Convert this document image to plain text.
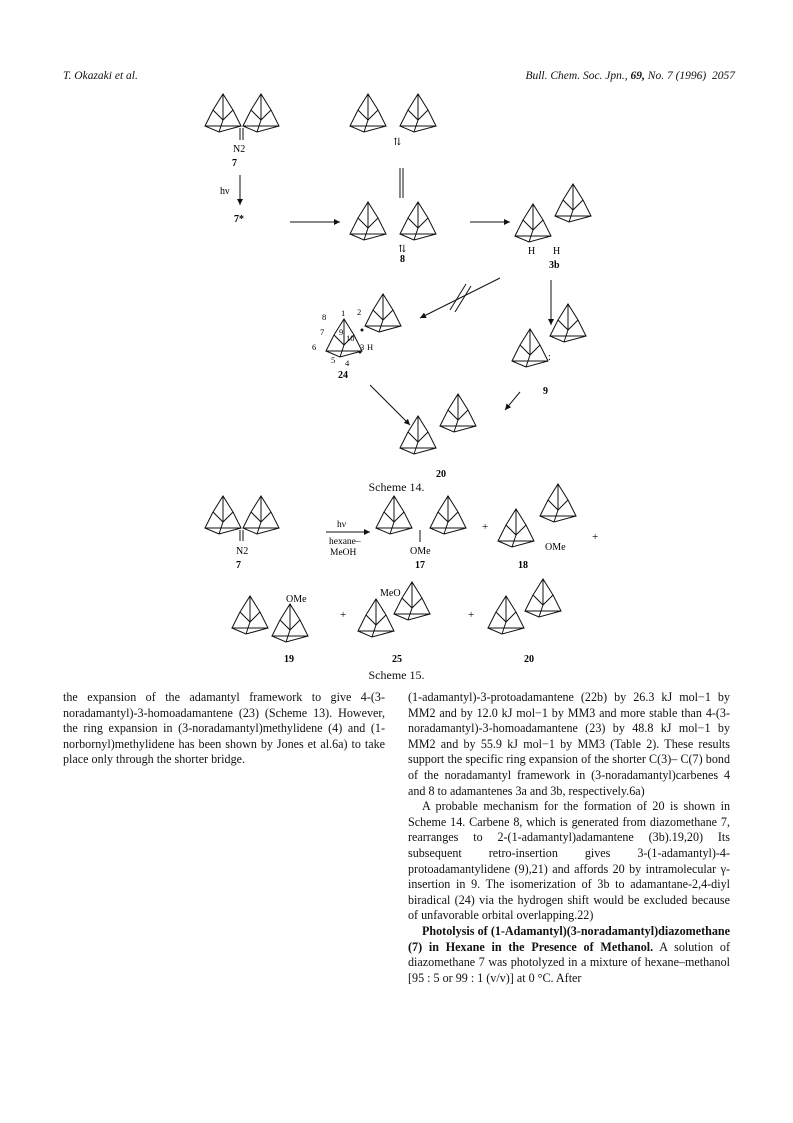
T. Okazaki et al.	Bull. Chem. Soc. Jpn., 69, No. 7 (1996) 2057
N2
7
⇅
hν
7*
⇅
8
H H
3b
1 2
8
7 9
10
6	3 H
5 4
24
:
9
20
N2
7
hν
hexane–
MeOH	OMe
17
+
OMe
18
+
OMe
19
+
MeO
25
+
20
Scheme 14.
Scheme 15.

the expansion of the adamantyl framework to give 4-(3-noradamantyl)-3-homoadamantene (23) (Scheme 13). However, the ring expansion in (3-noradamantyl)methylidene (4) and (1-norbornyl)methylidene has been shown by Jones et al.6a) to take place only through the shorter bridge.

(1-adamantyl)-3-protoadamantene (22b) by 26.3 kJ mol−1 by MM2 and by 12.0 kJ mol−1 by MM3 and more stable than 4-(3-noradamantyl)-3-homoadamantene (23) by 48.8 kJ mol−1 by MM2 and by 55.9 kJ mol−1 by MM3 (Table 2). These results support the specific ring expansion of the shorter C(3)– C(7) bond of the noradamantyl framework in (3-noradamantyl)carbenes 4 and 8 to adamantenes 3a and 3b, respectively.6a)

A probable mechanism for the formation of 20 is shown in Scheme 14. Carbene 8, which is generated from diazomethane 7, rearranges to 2-(1-adamantyl)adamantene (3b).19,20) Its subsequent retro-insertion gives 3-(1-adamantyl)-4-protoadamantylidene (9),21) and affords 20 by intramolecular γ-insertion in 9. The isomerization of 3b to adamantane-2,4-diyl biradical (24) via the hydrogen shift would be excluded because of unfavorable orbital overlapping.22)

Photolysis of (1-Adamantyl)(3-noradamantyl)diazomethane (7) in Hexane in the Presence of Methanol. A solution of diazomethane 7 was photolyzed in a mixture of hexane–methanol [95 : 5 or 99 : 1 (v/v)] at 0 °C. After
